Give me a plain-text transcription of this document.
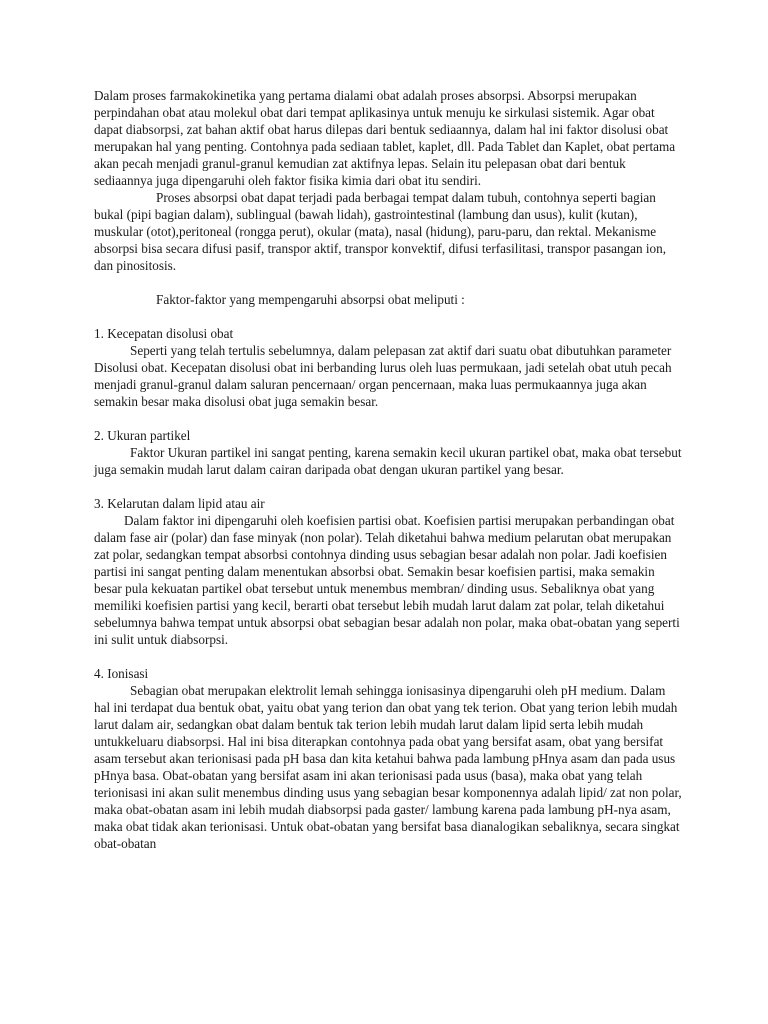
Dalam proses farmakokinetika yang pertama dialami obat adalah proses absorpsi. Absorpsi merupakan perpindahan obat atau molekul obat dari tempat aplikasinya untuk menuju ke sirkulasi sistemik. Agar obat dapat diabsorpsi, zat bahan aktif obat harus dilepas dari bentuk sediaannya, dalam hal ini faktor disolusi obat merupakan hal yang penting. Contohnya pada sediaan tablet, kaplet, dll. Pada Tablet dan Kaplet, obat pertama akan pecah menjadi granul-granul kemudian zat aktifnya lepas. Selain itu pelepasan obat dari bentuk sediaannya juga dipengaruhi oleh faktor fisika kimia dari obat itu sendiri.

Proses absorpsi obat dapat terjadi pada berbagai tempat dalam tubuh, contohnya seperti bagian bukal (pipi bagian dalam), sublingual (bawah lidah), gastrointestinal (lambung dan usus), kulit (kutan), muskular (otot),peritoneal (rongga perut), okular (mata), nasal (hidung), paru-paru, dan rektal. Mekanisme absorpsi bisa secara difusi pasif, transpor aktif, transpor konvektif, difusi terfasilitasi, transpor pasangan ion, dan pinositosis.

Faktor-faktor yang mempengaruhi absorpsi obat meliputi :

1. Kecepatan disolusi obat

Seperti yang telah tertulis sebelumnya, dalam pelepasan zat aktif dari suatu obat dibutuhkan parameter Disolusi obat. Kecepatan disolusi obat ini berbanding lurus oleh luas permukaan, jadi setelah obat utuh pecah menjadi granul-granul dalam saluran pencernaan/ organ pencernaan, maka luas permukaannya juga akan semakin besar maka disolusi obat juga semakin besar.

2. Ukuran partikel

Faktor Ukuran partikel ini sangat penting, karena semakin kecil ukuran partikel obat, maka obat tersebut juga semakin mudah larut dalam cairan daripada obat dengan ukuran partikel yang besar.

3. Kelarutan dalam lipid atau air

Dalam faktor ini dipengaruhi oleh koefisien partisi obat. Koefisien partisi merupakan perbandingan obat dalam fase air (polar) dan fase minyak (non polar). Telah diketahui bahwa medium pelarutan obat merupakan zat polar, sedangkan tempat absorbsi contohnya dinding usus sebagian besar adalah non polar. Jadi koefisien partisi ini sangat penting dalam menentukan absorbsi obat. Semakin besar koefisien partisi, maka semakin besar pula kekuatan partikel obat tersebut untuk menembus membran/ dinding usus. Sebaliknya obat yang memiliki koefisien partisi yang kecil, berarti obat tersebut lebih mudah larut dalam zat polar, telah diketahui sebelumnya bahwa tempat untuk absorpsi obat sebagian besar adalah non polar, maka obat-obatan yang seperti ini sulit untuk diabsorpsi.

4. Ionisasi

Sebagian obat merupakan elektrolit lemah sehingga ionisasinya dipengaruhi oleh pH medium. Dalam hal ini terdapat dua bentuk obat, yaitu obat yang terion dan obat yang tek terion. Obat yang terion lebih mudah larut dalam air, sedangkan obat dalam bentuk tak terion lebih mudah larut dalam lipid serta lebih mudah untukkeluaru diabsorpsi. Hal ini bisa diterapkan contohnya pada obat yang bersifat asam, obat yang bersifat asam tersebut akan terionisasi pada pH basa dan kita ketahui bahwa pada lambung pHnya asam dan pada usus pHnya basa. Obat-obatan yang bersifat asam ini akan terionisasi pada usus (basa), maka obat yang telah terionisasi ini akan sulit menembus dinding usus yang sebagian besar komponennya adalah lipid/ zat non polar, maka obat-obatan asam ini lebih mudah diabsorpsi pada gaster/ lambung karena pada lambung pH-nya asam, maka obat tidak akan terionisasi. Untuk obat-obatan yang bersifat basa dianalogikan sebaliknya, secara singkat obat-obatan
